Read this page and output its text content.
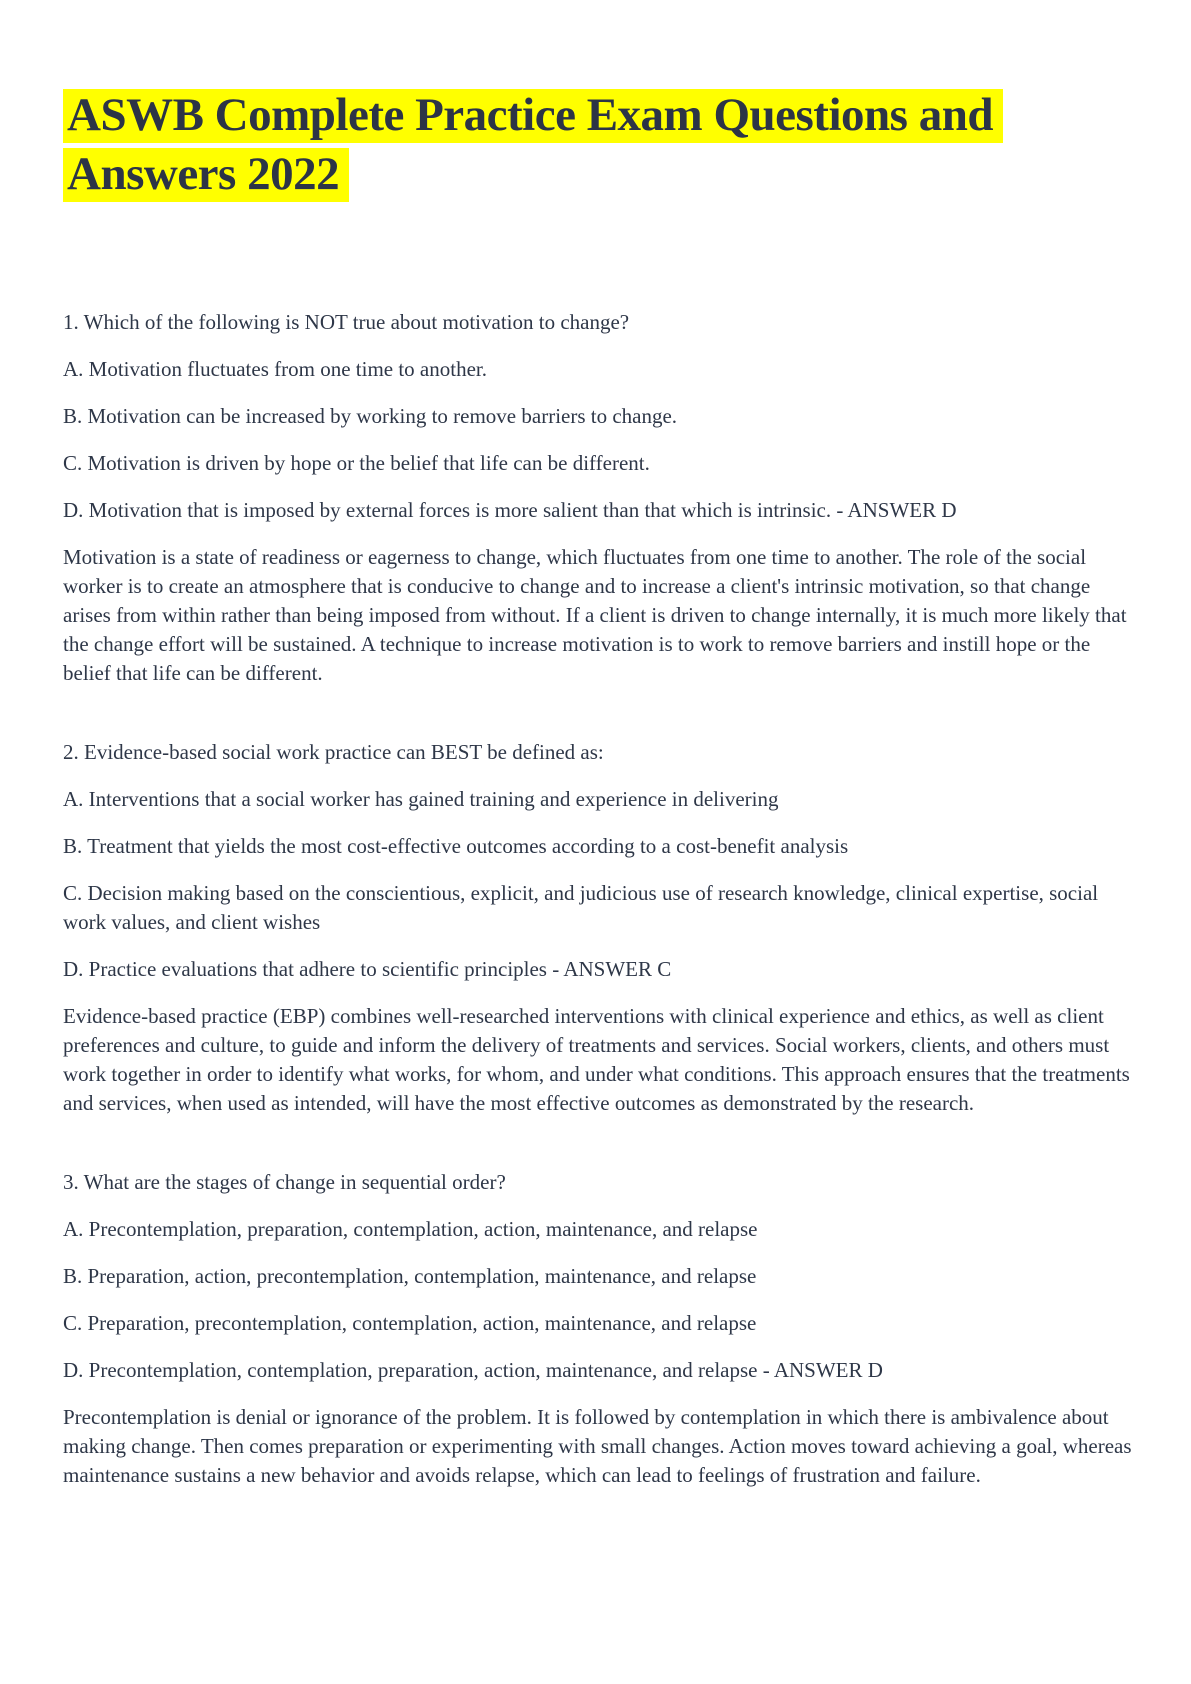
ASWB Complete Practice Exam Questions and Answers 2022

1. Which of the following is NOT true about motivation to change?

A. Motivation fluctuates from one time to another.

B. Motivation can be increased by working to remove barriers to change.

C. Motivation is driven by hope or the belief that life can be different.

D. Motivation that is imposed by external forces is more salient than that which is intrinsic. - ANSWER D

Motivation is a state of readiness or eagerness to change, which fluctuates from one time to another. The role of the social worker is to create an atmosphere that is conducive to change and to increase a client's intrinsic motivation, so that change arises from within rather than being imposed from without. If a client is driven to change internally, it is much more likely that the change effort will be sustained. A technique to increase motivation is to work to remove barriers and instill hope or the belief that life can be different.

2. Evidence-based social work practice can BEST be defined as:

A. Interventions that a social worker has gained training and experience in delivering

B. Treatment that yields the most cost-effective outcomes according to a cost-benefit analysis

C. Decision making based on the conscientious, explicit, and judicious use of research knowledge, clinical expertise, social work values, and client wishes

D. Practice evaluations that adhere to scientific principles - ANSWER C

Evidence-based practice (EBP) combines well-researched interventions with clinical experience and ethics, as well as client preferences and culture, to guide and inform the delivery of treatments and services. Social workers, clients, and others must work together in order to identify what works, for whom, and under what conditions. This approach ensures that the treatments and services, when used as intended, will have the most effective outcomes as demonstrated by the research.

3. What are the stages of change in sequential order?

A. Precontemplation, preparation, contemplation, action, maintenance, and relapse

B. Preparation, action, precontemplation, contemplation, maintenance, and relapse

C. Preparation, precontemplation, contemplation, action, maintenance, and relapse

D. Precontemplation, contemplation, preparation, action, maintenance, and relapse - ANSWER D

Precontemplation is denial or ignorance of the problem. It is followed by contemplation in which there is ambivalence about making change. Then comes preparation or experimenting with small changes. Action moves toward achieving a goal, whereas maintenance sustains a new behavior and avoids relapse, which can lead to feelings of frustration and failure.
